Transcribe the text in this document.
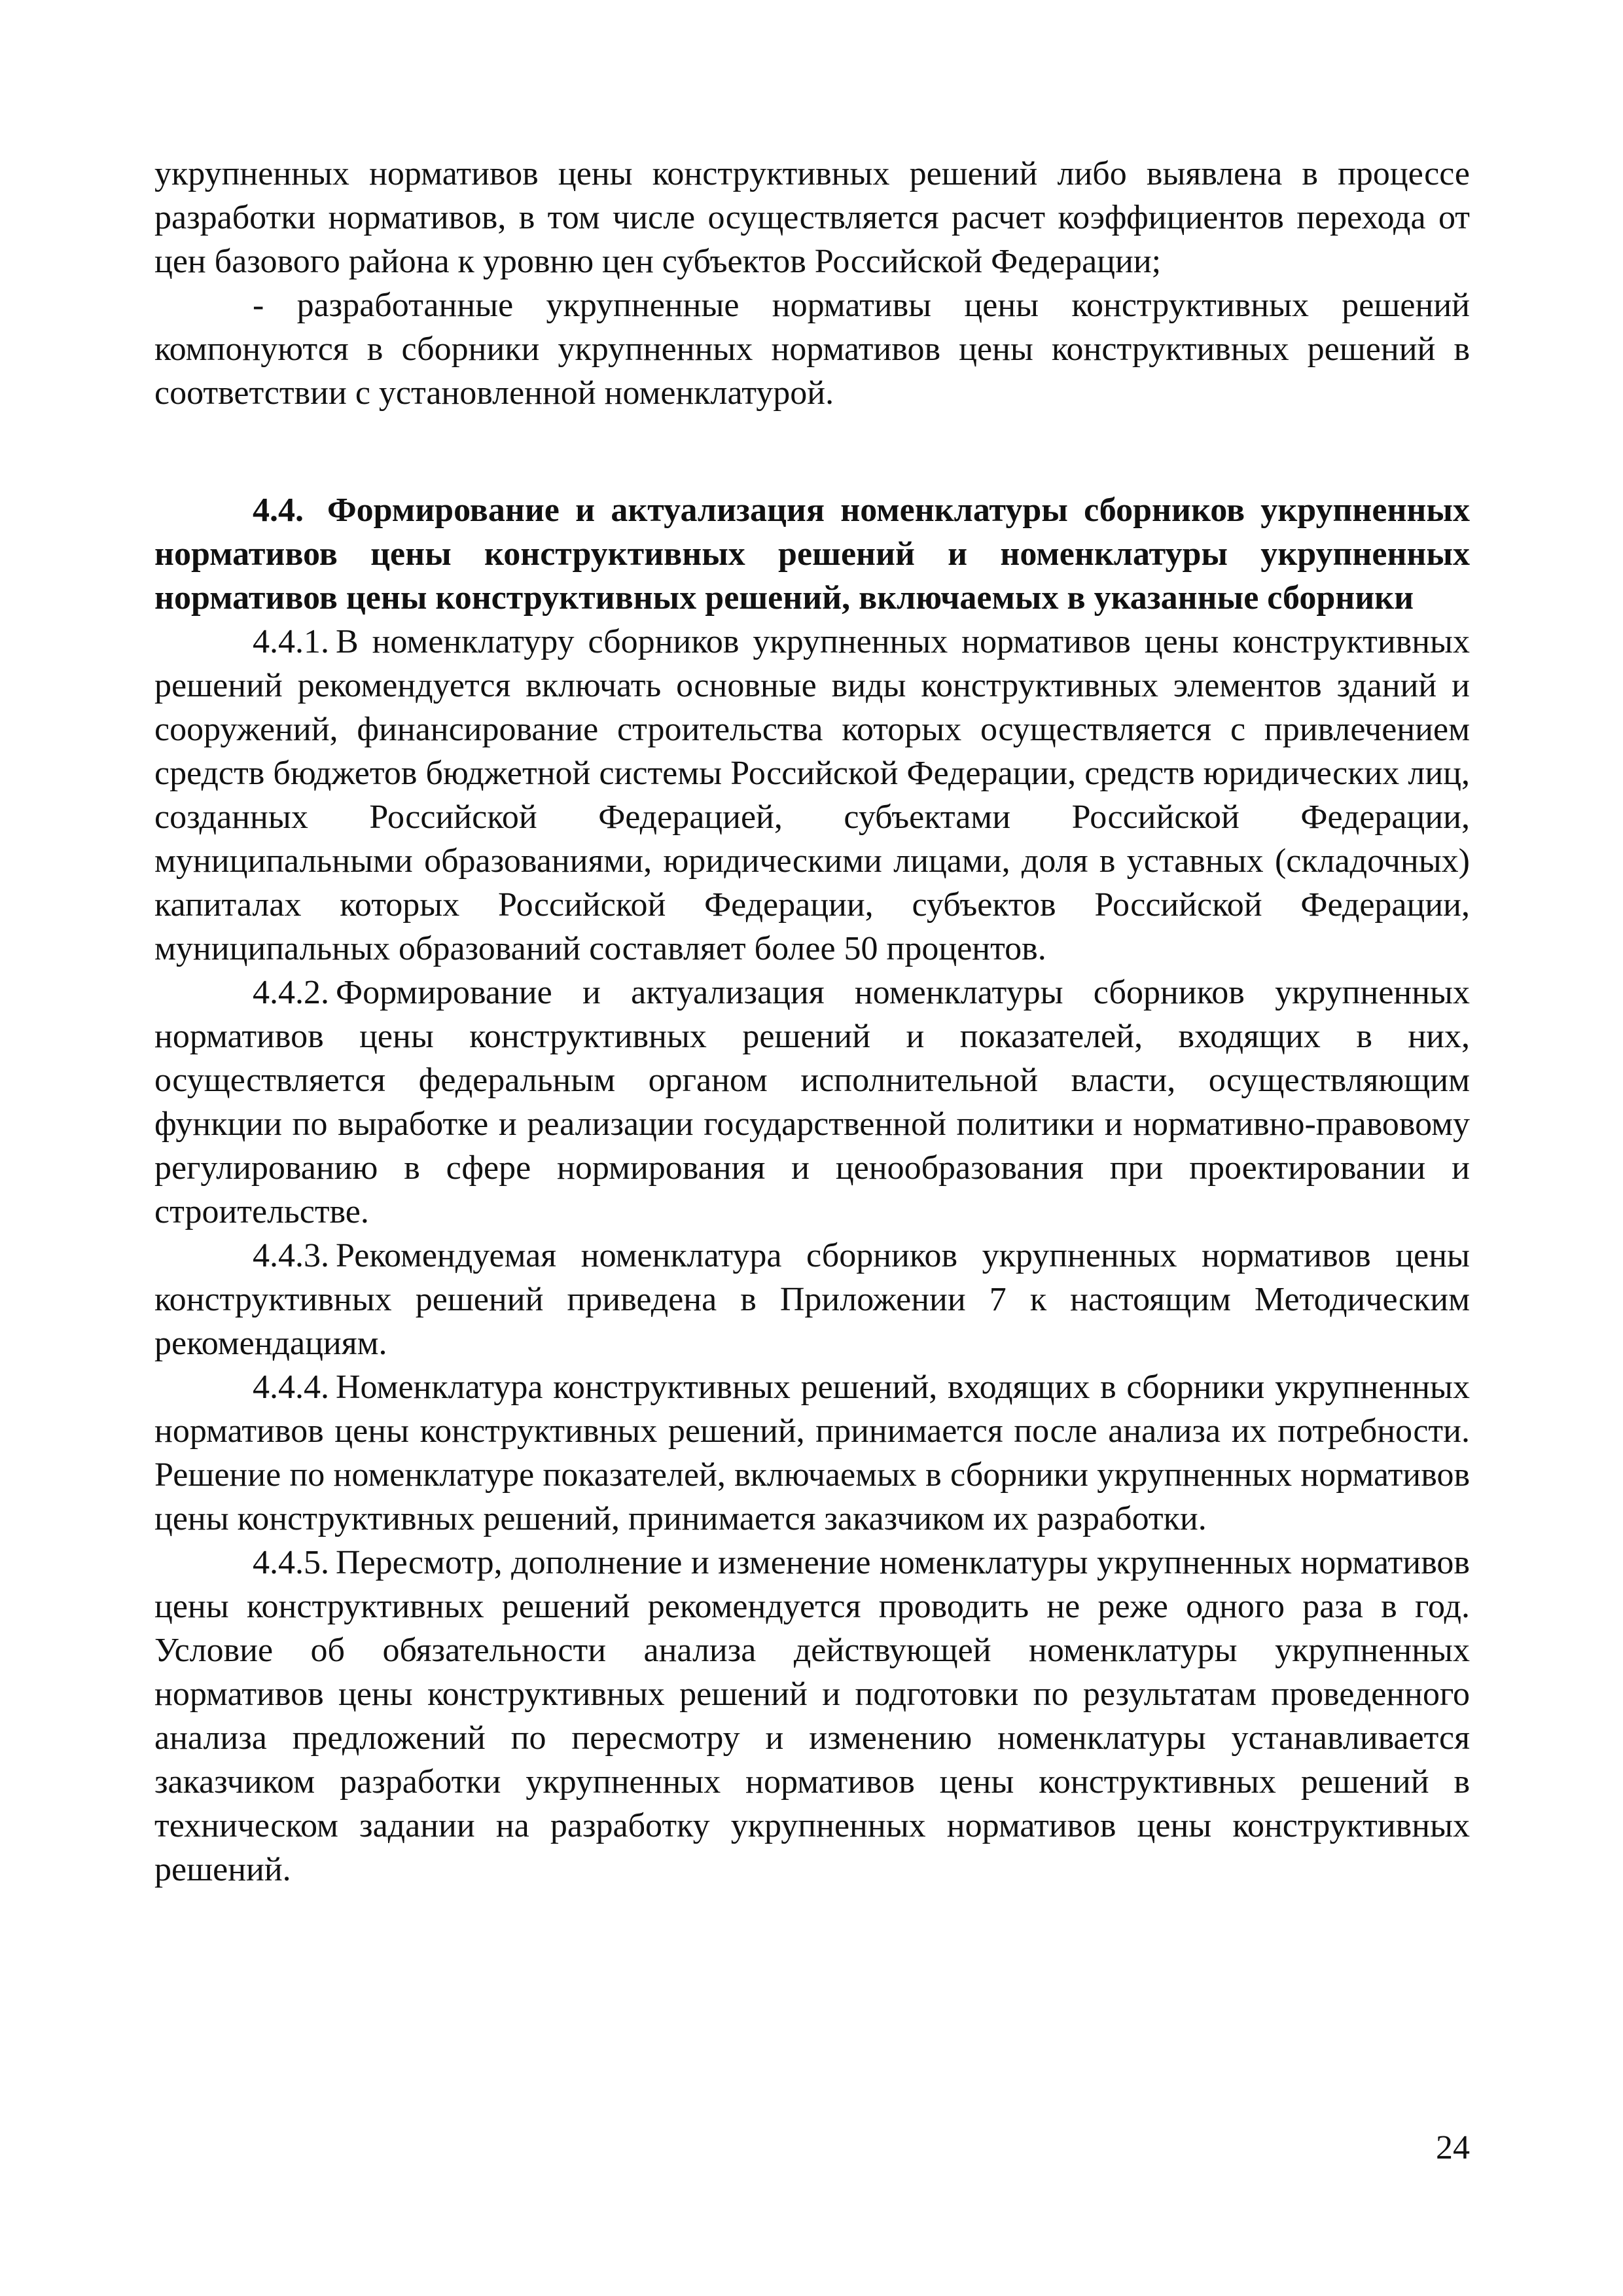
укрупненных нормативов цены конструктивных решений либо выявлена в процессе разработки нормативов, в том числе осуществляется расчет коэффициентов перехода от цен базового района к уровню цен субъектов Российской Федерации;

- разработанные укрупненные нормативы цены конструктивных решений компонуются в сборники укрупненных нормативов цены конструктивных решений в соответствии с установленной номенклатурой.

4.4. Формирование и актуализация номенклатуры сборников укрупненных нормативов цены конструктивных решений и номенклатуры укрупненных нормативов цены конструктивных решений, включаемых в указанные сборники

4.4.1. В номенклатуру сборников укрупненных нормативов цены конструктивных решений рекомендуется включать основные виды конструктивных элементов зданий и сооружений, финансирование строительства которых осуществляется с привлечением средств бюджетов бюджетной системы Российской Федерации, средств юридических лиц, созданных Российской Федерацией, субъектами Российской Федерации, муниципальными образованиями, юридическими лицами, доля в уставных (складочных) капиталах которых Российской Федерации, субъектов Российской Федерации, муниципальных образований составляет более 50 процентов.

4.4.2. Формирование и актуализация номенклатуры сборников укрупненных нормативов цены конструктивных решений и показателей, входящих в них, осуществляется федеральным органом исполнительной власти, осуществляющим функции по выработке и реализации государственной политики и нормативно-правовому регулированию в сфере нормирования и ценообразования при проектировании и строительстве.

4.4.3. Рекомендуемая номенклатура сборников укрупненных нормативов цены конструктивных решений приведена в Приложении 7 к настоящим Методическим рекомендациям.

4.4.4. Номенклатура конструктивных решений, входящих в сборники укрупненных нормативов цены конструктивных решений, принимается после анализа их потребности. Решение по номенклатуре показателей, включаемых в сборники укрупненных нормативов цены конструктивных решений, принимается заказчиком их разработки.

4.4.5. Пересмотр, дополнение и изменение номенклатуры укрупненных нормативов цены конструктивных решений рекомендуется проводить не реже одного раза в год. Условие об обязательности анализа действующей номенклатуры укрупненных нормативов цены конструктивных решений и подготовки по результатам проведенного анализа предложений по пересмотру и изменению номенклатуры устанавливается заказчиком разработки укрупненных нормативов цены конструктивных решений в техническом задании на разработку укрупненных нормативов цены конструктивных решений.

24
